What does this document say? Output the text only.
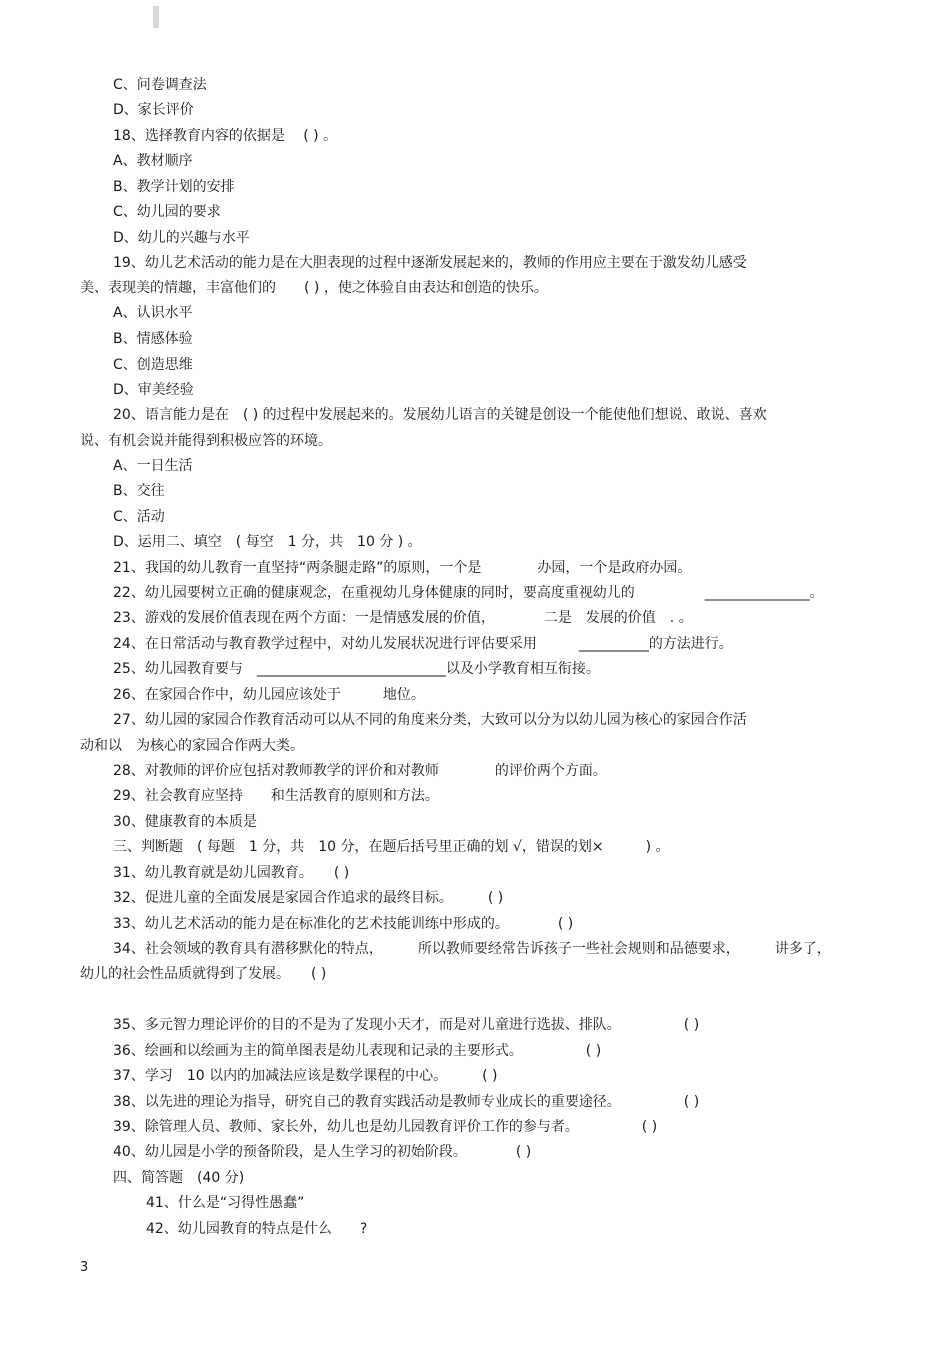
C、问卷调查法
D、家长评价
18、选择教育内容的依据是　 ( ) 。
A、教材顺序
B、教学计划的安排
C、幼儿园的要求
D、幼儿的兴趣与水平
19、幼儿艺术活动的能力是在大胆表现的过程中逐渐发展起来的，教师的作用应主要在于激发幼儿感受
美、表现美的情趣，丰富他们的　　( ) ，使之体验自由表达和创造的快乐。
A、认识水平
B、情感体验
C、创造思维
D、审美经验
20、语言能力是在　( ) 的过程中发展起来的。发展幼儿语言的关键是创设一个能使他们想说、敢说、喜欢
说、有机会说并能得到积极应答的环境。
A、一日生活
B、交往
C、活动
D、运用二、填空　( 每空　1 分，共　10 分 ) 。
21、我国的幼儿教育一直坚持“两条腿走路”的原则，一个是　　　　办园，一个是政府办园。
22、幼儿园要树立正确的健康观念，在重视幼儿身体健康的同时，要高度重视幼儿的　　　　　_______________。
23、游戏的发展价值表现在两个方面：一是情感发展的价值，　　　　二是　发展的价值　. 。
24、在日常活动与教育教学过程中，对幼儿发展状况进行评估要采用　　　__________的方法进行。
25、幼儿园教育要与　___________________________以及小学教育相互衔接。
26、在家园合作中，幼儿园应该处于　　　地位。
27、幼儿园的家园合作教育活动可以从不同的角度来分类，大致可以分为以幼儿园为核心的家园合作活
动和以　为核心的家园合作两大类。
28、对教师的评价应包括对教师教学的评价和对教师　　　　的评价两个方面。
29、社会教育应坚持　　和生活教育的原则和方法。
30、健康教育的本质是
三、判断题　( 每题　1 分，共　10 分，在题后括号里正确的划 √，错误的划×　　　) 。
31、幼儿教育就是幼儿园教育。　　( )
32、促进儿童的全面发展是家园合作追求的最终目标。　　　( )
33、幼儿艺术活动的能力是在标准化的艺术技能训练中形成的。　　　　( )
34、社会领域的教育具有潜移默化的特点，　　　所以教师要经常告诉孩子一些社会规则和品德要求，　　　讲多了，
幼儿的社会性品质就得到了发展。　　( )
35、多元智力理论评价的目的不是为了发现小天才，而是对儿童进行选拔、排队。　　　　　( )
36、绘画和以绘画为主的简单图表是幼儿表现和记录的主要形式。　　　　　( )
37、学习　10 以内的加减法应该是数学课程的中心。　　　( )
38、以先进的理论为指导，研究自己的教育实践活动是教师专业成长的重要途径。　　　　　( )
39、除管理人员、教师、家长外，幼儿也是幼儿园教育评价工作的参与者。　　　　　( )
40、幼儿园是小学的预备阶段，是人生学习的初始阶段。　　　　( )
四、简答题　(40 分)
41、什么是“习得性愚蠢”
42、幼儿园教育的特点是什么　　?
3
